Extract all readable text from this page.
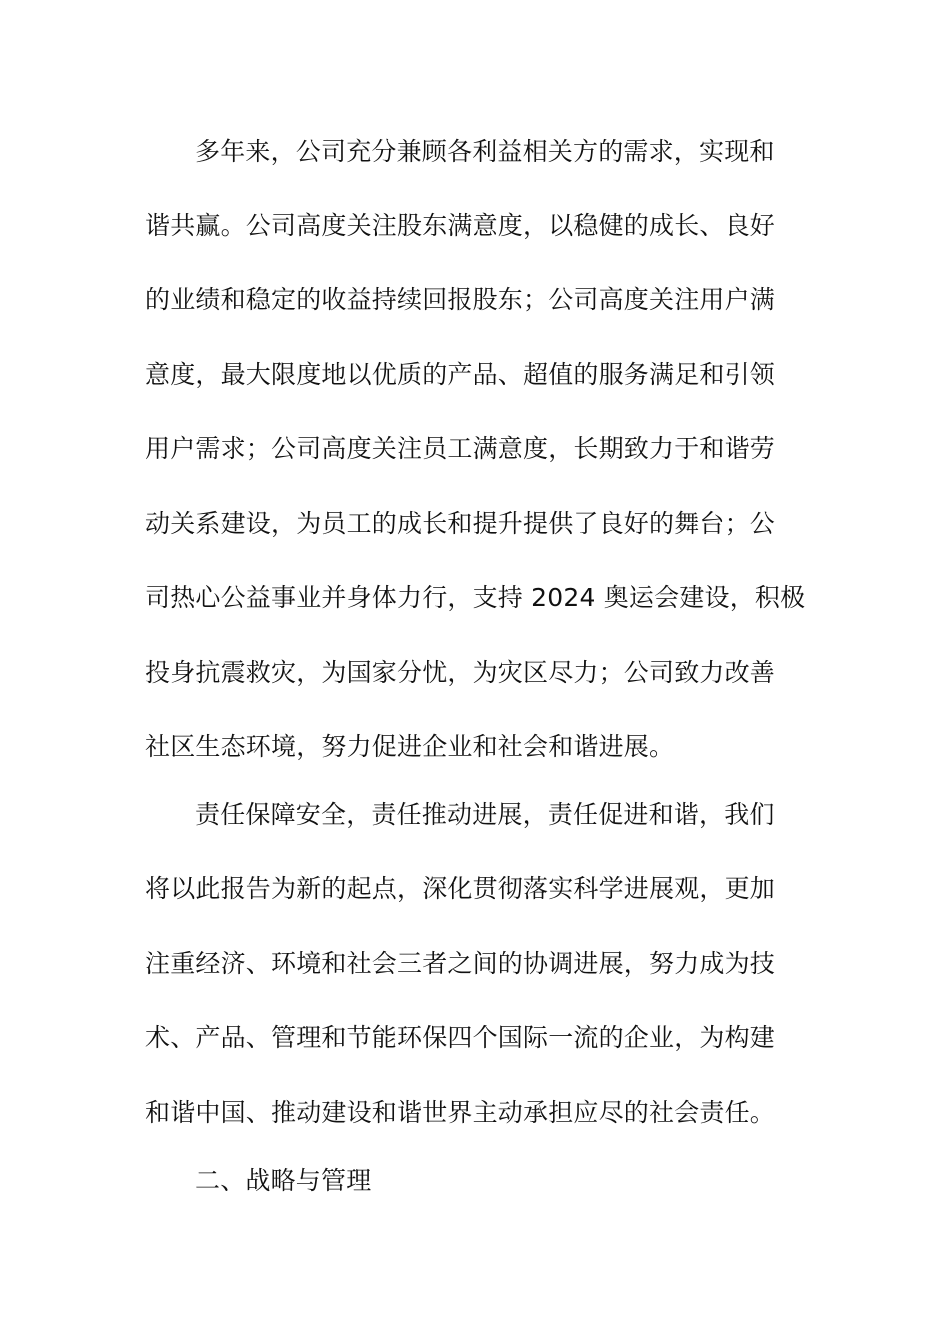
多年来，公司充分兼顾各利益相关方的需求，实现和
谐共赢。公司高度关注股东满意度，以稳健的成长、良好
的业绩和稳定的收益持续回报股东；公司高度关注用户满
意度，最大限度地以优质的产品、超值的服务满足和引领
用户需求；公司高度关注员工满意度，长期致力于和谐劳
动关系建设，为员工的成长和提升提供了良好的舞台；公
司热心公益事业并身体力行，支持 2024 奥运会建设，积极
投身抗震救灾，为国家分忧，为灾区尽力；公司致力改善
社区生态环境，努力促进企业和社会和谐进展。
责任保障安全，责任推动进展，责任促进和谐，我们
将以此报告为新的起点，深化贯彻落实科学进展观，更加
注重经济、环境和社会三者之间的协调进展，努力成为技
术、产品、管理和节能环保四个国际一流的企业，为构建
和谐中国、推动建设和谐世界主动承担应尽的社会责任。
二、战略与管理
